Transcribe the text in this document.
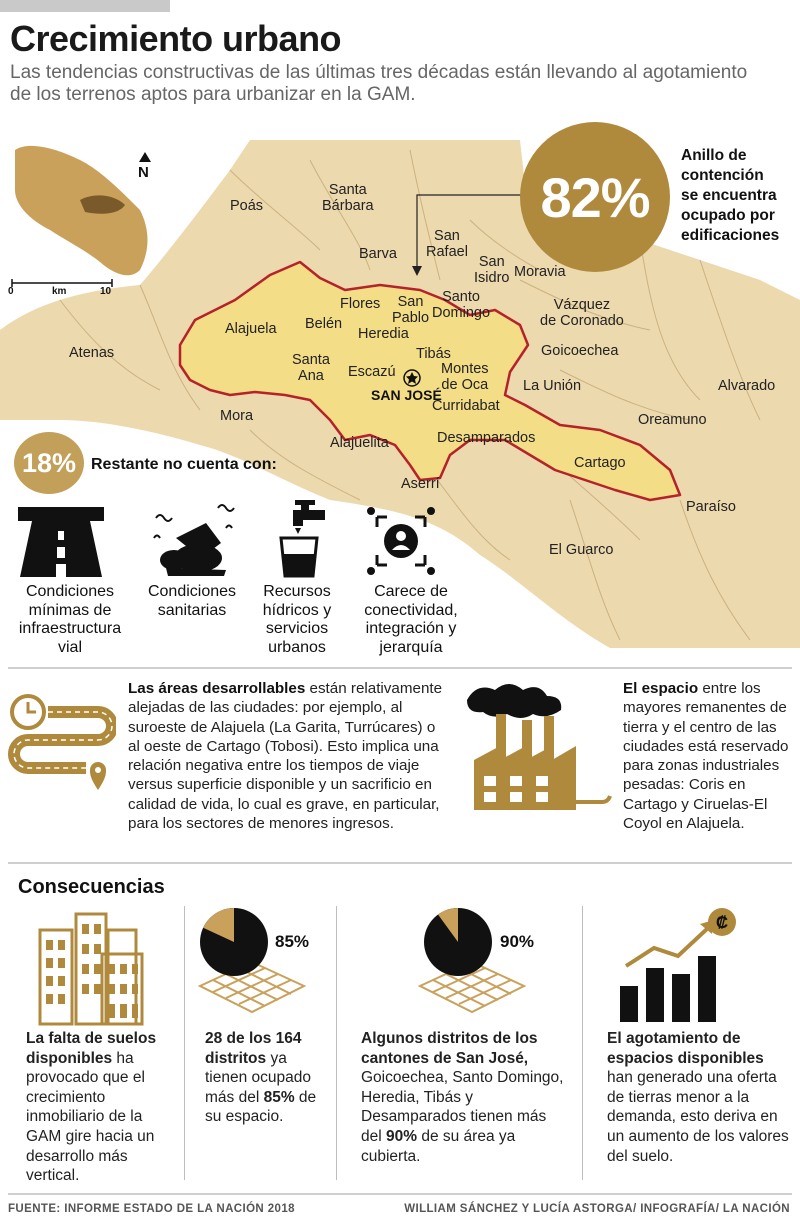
Crecimiento urbano

Las tendencias constructivas de las últimas tres décadas están llevando al agotamiento de los terrenos aptos para urbanizar en la GAM.

N
0	km	10
Poás
Santa
Bárbara
Barva
San
Rafael
San
Isidro Moravia
Santo
Domingo
Flores	San
Pablo
Vázquez
de Coronado
Alajuela Belén
Heredia
Atenas	Goicoechea
Tibás
Santa
Ana	Escazú	Montes
de Oca La Unión	Alvarado
Curridabat
Mora	Oreamuno
Alajuelita	Desamparados
Cartago
Aserrí
Paraíso
El Guarco
SAN JOSÉ
82%
Anillo de
contención
se encuentra
ocupado por
edificaciones
18% Restante no cuenta con:
Condiciones
mínimas de
infraestructura
vial
Condiciones
sanitarias
Recursos
hídricos y
servicios
urbanos
Carece de
conectividad,
integración y
jerarquía

Las áreas desarrollables están relativamente alejadas de las ciudades: por ejemplo, al suroeste de Alajuela (La Garita, Turrúcares) o al oeste de Cartago (Tobosi). Esto implica una relación negativa entre los tiempos de viaje versus superficie disponible y un sacrificio en calidad de vida, lo cual es grave, en particular, para los sectores de menores ingresos.

El espacio entre los mayores remanentes de tierra y el centro de las ciudades está reservado para zonas industriales pesadas: Coris en Cartago y Ciruelas-El Coyol en Alajuela.

Consecuencias
85%	90%
₡

La falta de suelos disponibles ha provocado que el crecimiento inmobiliario de la GAM gire hacia un desarrollo más vertical.

28 de los 164 distritos ya tienen ocupado más del 85% de su espacio.

Algunos distritos de los cantones de San José, Goicoechea, Santo Domingo, Heredia, Tibás y Desamparados tienen más del 90% de su área ya cubierta.

El agotamiento de espacios disponibles han generado una oferta de tierras menor a la demanda, esto deriva en un aumento de los valores del suelo.

FUENTE: INFORME ESTADO DE LA NACIÓN 2018	WILLIAM SÁNCHEZ Y LUCÍA ASTORGA/ INFOGRAFÍA/ LA NACIÓN
